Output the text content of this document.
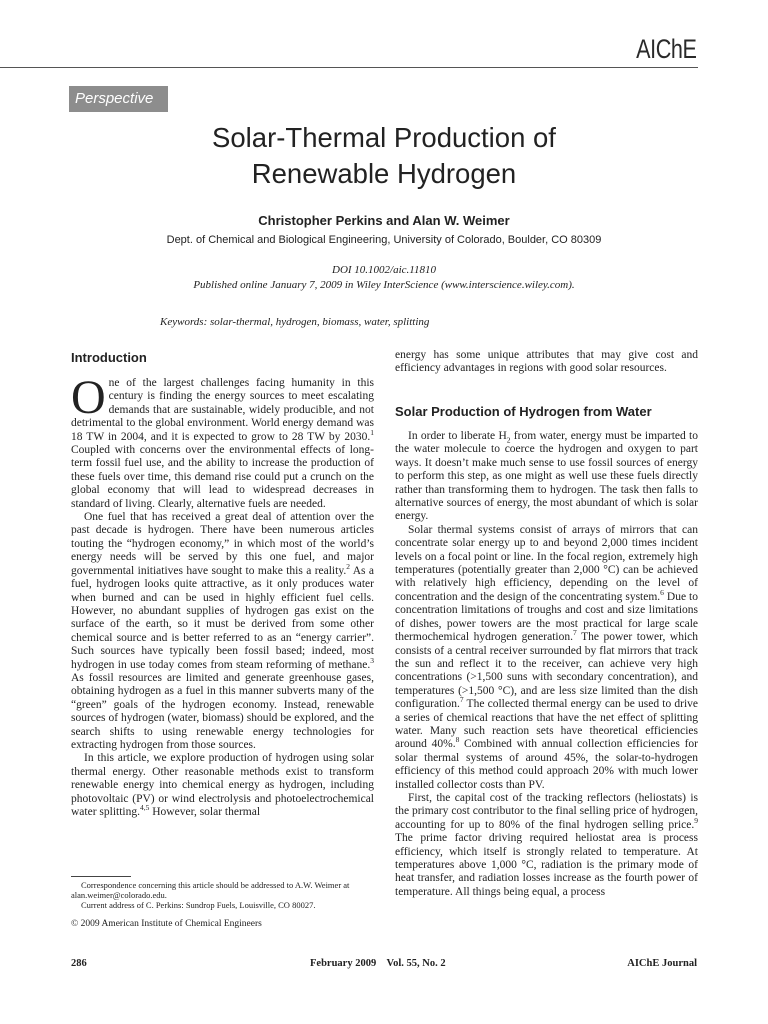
AIChE
Perspective
Solar-Thermal Production of
Renewable Hydrogen
Christopher Perkins and Alan W. Weimer
Dept. of Chemical and Biological Engineering, University of Colorado, Boulder, CO 80309
DOI 10.1002/aic.11810
Published online January 7, 2009 in Wiley InterScience (www.interscience.wiley.com).
Keywords: solar-thermal, hydrogen, biomass, water, splitting
Introduction

One of the largest challenges facing humanity in this century is finding the energy sources to meet escalating demands that are sustainable, widely producible, and not detrimental to the global environment. World energy demand was 18 TW in 2004, and it is expected to grow to 28 TW by 2030.$^1$ Coupled with concerns over the environmental effects of long-term fossil fuel use, and the ability to increase the production of these fuels over time, this demand rise could put a crunch on the global economy that will lead to widespread decreases in standard of living. Clearly, alternative fuels are needed.

One fuel that has received a great deal of attention over the past decade is hydrogen. There have been numerous articles touting the “hydrogen economy,” in which most of the world’s energy needs will be served by this one fuel, and major governmental initiatives have sought to make this a reality.$^2$ As a fuel, hydrogen looks quite attractive, as it only produces water when burned and can be used in highly efficient fuel cells. However, no abundant supplies of hydrogen gas exist on the surface of the earth, so it must be derived from some other chemical source and is better referred to as an “energy carrier”. Such sources have typically been fossil based; indeed, most hydrogen in use today comes from steam reforming of methane.$^3$ As fossil resources are limited and generate greenhouse gases, obtaining hydrogen as a fuel in this manner subverts many of the “green” goals of the hydrogen economy. Instead, renewable sources of hydrogen (water, biomass) should be explored, and the search shifts to using renewable energy technologies for extracting hydrogen from those sources.

In this article, we explore production of hydrogen using solar thermal energy. Other reasonable methods exist to transform renewable energy into chemical energy as hydrogen, including photovoltaic (PV) or wind electrolysis and photoelectrochemical water splitting.$^{4,5}$ However, solar thermal

Correspondence concerning this article should be addressed to A.W. Weimer at alan.weimer@colorado.edu.
Current address of C. Perkins: Sundrop Fuels, Louisville, CO 80027.
© 2009 American Institute of Chemical Engineers

energy has some unique attributes that may give cost and efficiency advantages in regions with good solar resources.

Solar Production of Hydrogen from Water

In order to liberate $H_2$ from water, energy must be imparted to the water molecule to coerce the hydrogen and oxygen to part ways. It doesn’t make much sense to use fossil sources of energy to perform this step, as one might as well use these fuels directly rather than transforming them to hydrogen. The task then falls to alternative sources of energy, the most abundant of which is solar energy.

Solar thermal systems consist of arrays of mirrors that can concentrate solar energy up to and beyond 2,000 times incident levels on a focal point or line. In the focal region, extremely high temperatures (potentially greater than 2,000 °C) can be achieved with relatively high efficiency, depending on the level of concentration and the design of the concentrating system.$^6$ Due to concentration limitations of troughs and cost and size limitations of dishes, power towers are the most practical for large scale thermochemical hydrogen generation.$^7$ The power tower, which consists of a central receiver surrounded by flat mirrors that track the sun and reflect it to the receiver, can achieve very high concentrations (>1,500 suns with secondary concentration), and temperatures (>1,500 °C), and are less size limited than the dish configuration.$^7$ The collected thermal energy can be used to drive a series of chemical reactions that have the net effect of splitting water. Many such reaction sets have theoretical efficiencies around 40%.$^8$ Combined with annual collection efficiencies for solar thermal systems of around 45%, the solar-to-hydrogen efficiency of this method could approach 20% with much lower installed collector costs than PV.

First, the capital cost of the tracking reflectors (heliostats) is the primary cost contributor to the final selling price of hydrogen, accounting for up to 80% of the final hydrogen selling price.$^9$ The prime factor driving required heliostat area is process efficiency, which itself is strongly related to temperature. At temperatures above 1,000 °C, radiation is the primary mode of heat transfer, and radiation losses increase as the fourth power of temperature. All things being equal, a process

286	February 2009    Vol. 55, No. 2	AIChE Journal
